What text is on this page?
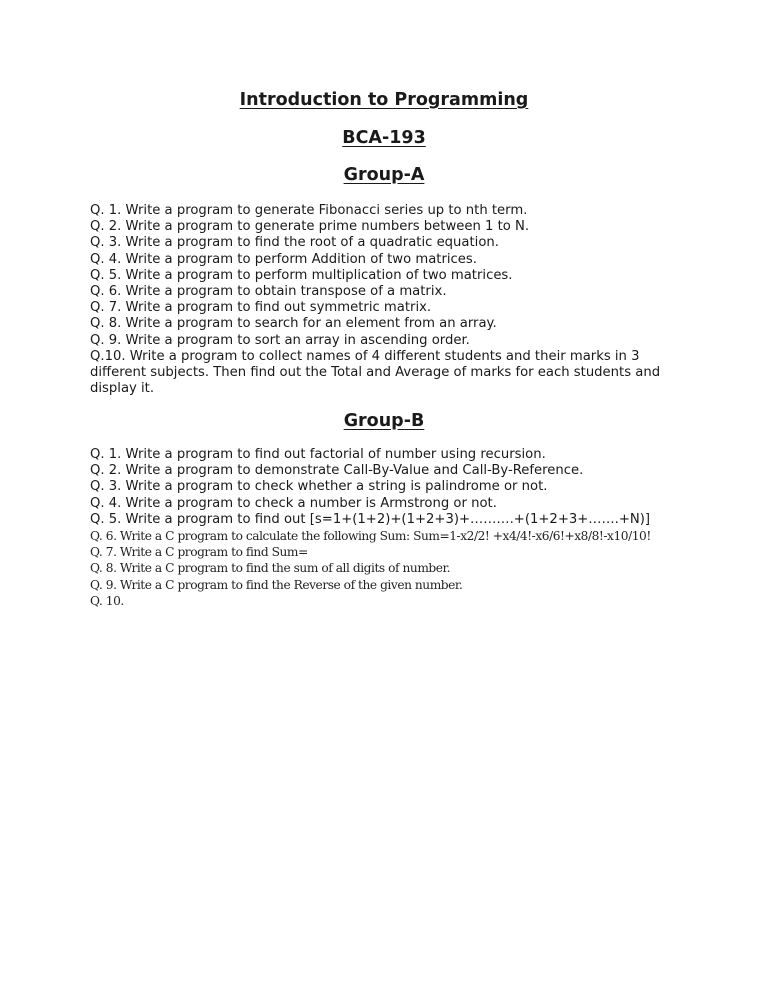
Introduction to Programming
BCA-193
Group-A
Q. 1. Write a program to generate Fibonacci series up to nth term.
Q. 2. Write a program to generate prime numbers between 1 to N.
Q. 3. Write a program to find the root of a quadratic equation.
Q. 4. Write a program to perform Addition of two matrices.
Q. 5. Write a program to perform multiplication of two matrices.
Q. 6. Write a program to obtain transpose of a matrix.
Q. 7. Write a program to find out symmetric matrix.
Q. 8. Write a program to search for an element from an array.
Q. 9. Write a program to sort an array in ascending order.
Q.10. Write a program to collect names of 4 different students and their marks in 3 different subjects. Then find out the Total and Average of marks for each students and display it.
Group-B
Q. 1. Write a program to find out factorial of number using recursion.
Q. 2. Write a program to demonstrate Call-By-Value and Call-By-Reference.
Q. 3. Write a program to check whether a string is palindrome or not.
Q. 4. Write a program to check a number is Armstrong or not.
Q. 5. Write a program to find out [s=1+(1+2)+(1+2+3)+……….+(1+2+3+…….+N)]
Q. 6. Write a C program to calculate the following Sum: Sum=1-x2/2! +x4/4!-x6/6!+x8/8!-x10/10!
Q. 7. Write a C program to find Sum=
Q. 8. Write a C program to find the sum of all digits of number.
Q. 9. Write a C program to find the Reverse of the given number.
Q. 10.
